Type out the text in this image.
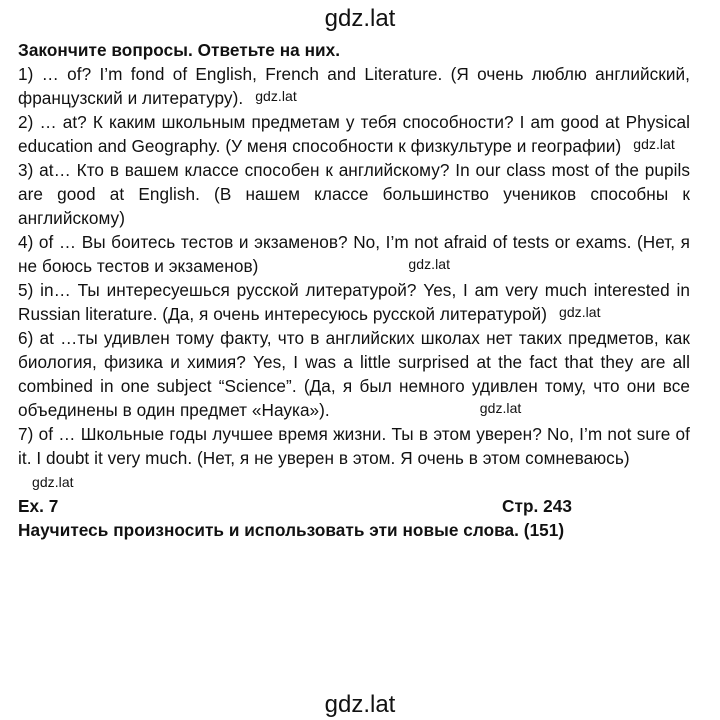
gdz.lat

Закончите вопросы. Ответьте на них.

1) … of? I’m fond of English, French and Literature. (Я очень люблю английский, французский и литературу). gdz.lat

2) … at? К каким школьным предметам у тебя способности? I am good at Physical education and Geography. (У меня способности к физкультуре и географии) gdz.lat

3) at… Кто в вашем классе способен к английскому? In our class most of the pupils are good at English. (В нашем классе большинство учеников способны к английскому)

4) of … Вы боитесь тестов и экзаменов? No, I’m not afraid of tests or exams. (Нет, я не боюсь тестов и экзаменов)	gdz.lat

5) in… Ты интересуешься русской литературой? Yes, I am very much interested in Russian literature. (Да, я очень интересуюсь русской литературой) gdz.lat

6) at …ты удивлен тому факту, что в английских школах нет таких предметов, как биология, физика и химия? Yes, I was a little surprised at the fact that they are all combined in one subject “Science”. (Да, я был немного удивлен тому, что они все объединены в один предмет «Наука»).	gdz.lat

7) of … Школьные годы лучшее время жизни. Ты в этом уверен? No, I’m not sure of it. I doubt it very much. (Нет, я не уверен в этом. Я очень в этом сомневаюсь)

gdz.lat
Ex. 7	Стр. 243

Научитесь произносить и использовать эти новые слова. (151)

gdz.lat
